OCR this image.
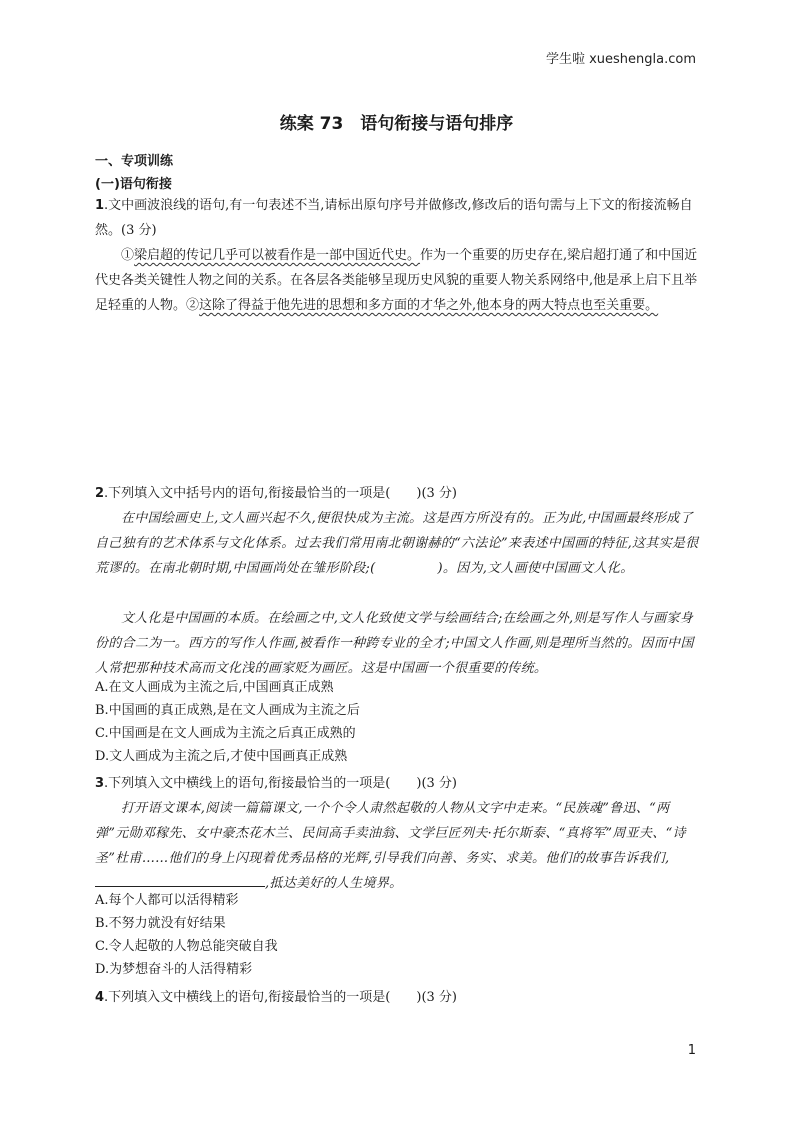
学生啦 xueshengla.com
练案 73　语句衔接与语句排序
一、专项训练
(一)语句衔接
1.文中画波浪线的语句,有一句表述不当,请标出原句序号并做修改,修改后的语句需与上下文的衔接流畅自然。(3 分)
①梁启超的传记几乎可以被看作是一部中国近代史。作为一个重要的历史存在,梁启超打通了和中国近代史各类关键性人物之间的关系。在各层各类能够呈现历史风貌的重要人物关系网络中,他是承上启下且举足轻重的人物。②这除了得益于他先进的思想和多方面的才华之外,他本身的两大特点也至关重要。
2.下列填入文中括号内的语句,衔接最恰当的一项是(　　)(3 分)
在中国绘画史上,文人画兴起不久,便很快成为主流。这是西方所没有的。正为此,中国画最终形成了自己独有的艺术体系与文化体系。过去我们常用南北朝谢赫的“六法论”来表述中国画的特征,这其实是很荒谬的。在南北朝时期,中国画尚处在雏形阶段;(	)。因为,文人画使中国画文人化。
文人化是中国画的本质。在绘画之中,文人化致使文学与绘画结合;在绘画之外,则是写作人与画家身份的合二为一。西方的写作人作画,被看作一种跨专业的全才;中国文人作画,则是理所当然的。因而中国人常把那种技术高而文化浅的画家贬为画匠。这是中国画一个很重要的传统。
A.在文人画成为主流之后,中国画真正成熟
B.中国画的真正成熟,是在文人画成为主流之后
C.中国画是在文人画成为主流之后真正成熟的
D.文人画成为主流之后,才使中国画真正成熟
3.下列填入文中横线上的语句,衔接最恰当的一项是(　　)(3 分)
打开语文课本,阅读一篇篇课文,一个个令人肃然起敬的人物从文字中走来。“民族魂”鲁迅、“两弹”元勋邓稼先、女中豪杰花木兰、民间高手卖油翁、文学巨匠列夫·托尔斯泰、“真将军”周亚夫、“诗圣”杜甫……他们的身上闪现着优秀品格的光辉,引导我们向善、务实、求美。他们的故事告诉我们,,抵达美好的人生境界。
A.每个人都可以活得精彩
B.不努力就没有好结果
C.令人起敬的人物总能突破自我
D.为梦想奋斗的人活得精彩
4.下列填入文中横线上的语句,衔接最恰当的一项是(　　)(3 分)
1
